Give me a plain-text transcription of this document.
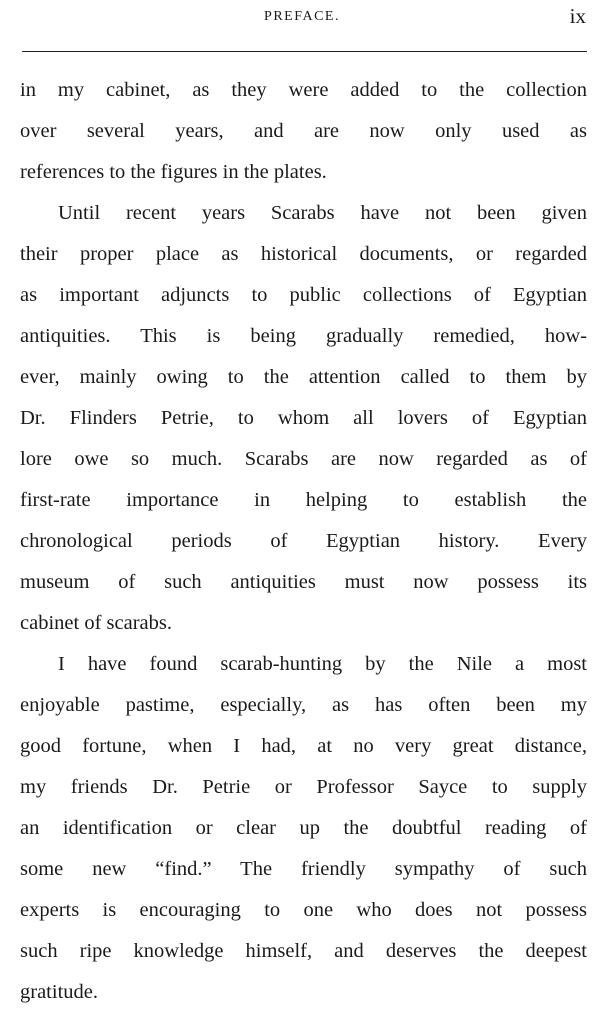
PREFACE.	ix
in my cabinet, as they were added to the collection
over several years, and are now only used as
references to the figures in the plates.
Until recent years Scarabs have not been given
their proper place as historical documents, or regarded
as important adjuncts to public collections of Egyptian
antiquities. This is being gradually remedied, how-
ever, mainly owing to the attention called to them by
Dr. Flinders Petrie, to whom all lovers of Egyptian
lore owe so much. Scarabs are now regarded as of
first-rate importance in helping to establish the
chronological periods of Egyptian history. Every
museum of such antiquities must now possess its
cabinet of scarabs.
I have found scarab-hunting by the Nile a most
enjoyable pastime, especially, as has often been my
good fortune, when I had, at no very great distance,
my friends Dr. Petrie or Professor Sayce to supply
an identification or clear up the doubtful reading of
some new “find.” The friendly sympathy of such
experts is encouraging to one who does not possess
such ripe knowledge himself, and deserves the deepest
gratitude.
